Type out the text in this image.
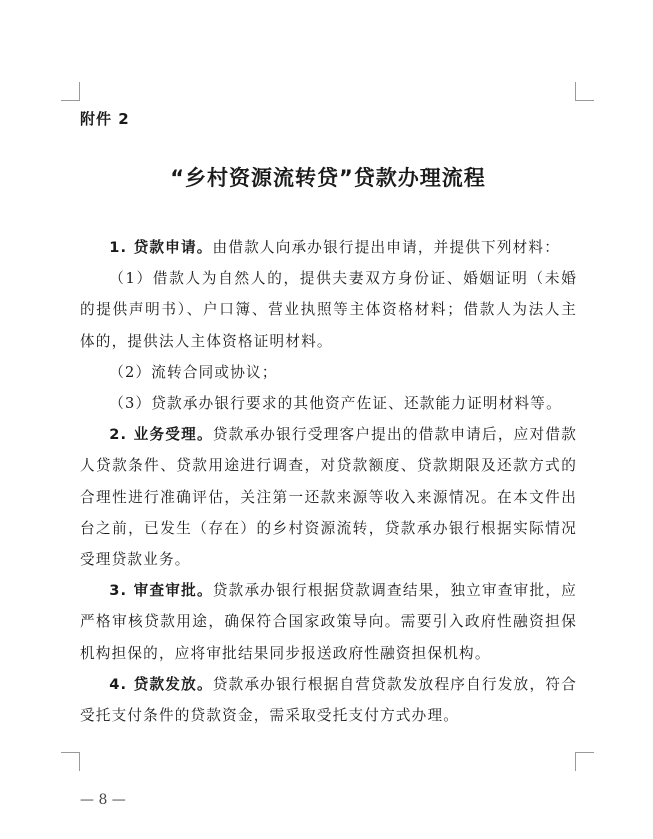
附件 2
“乡村资源流转贷”贷款办理流程

1. 贷款申请。由借款人向承办银行提出申请，并提供下列材料：

（1）借款人为自然人的，提供夫妻双方身份证、婚姻证明（未婚的提供声明书）、户口簿、营业执照等主体资格材料；借款人为法人主体的，提供法人主体资格证明材料。

（2）流转合同或协议；

（3）贷款承办银行要求的其他资产佐证、还款能力证明材料等。

2. 业务受理。贷款承办银行受理客户提出的借款申请后，应对借款人贷款条件、贷款用途进行调查，对贷款额度、贷款期限及还款方式的合理性进行准确评估，关注第一还款来源等收入来源情况。在本文件出台之前，已发生（存在）的乡村资源流转，贷款承办银行根据实际情况受理贷款业务。

3. 审查审批。贷款承办银行根据贷款调查结果，独立审查审批，应严格审核贷款用途，确保符合国家政策导向。需要引入政府性融资担保机构担保的，应将审批结果同步报送政府性融资担保机构。

4. 贷款发放。贷款承办银行根据自营贷款发放程序自行发放，符合受托支付条件的贷款资金，需采取受托支付方式办理。

— 8 —
